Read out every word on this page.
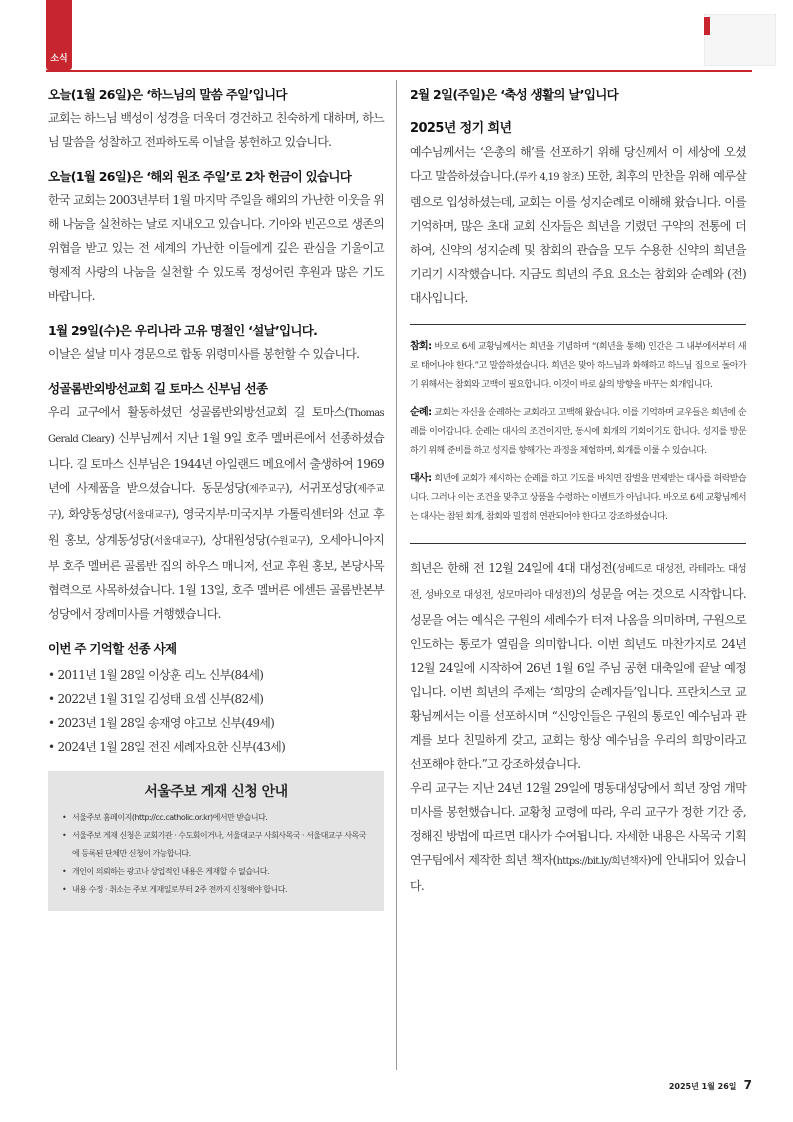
소식
오늘(1월 26일)은 ‘하느님의 말씀 주일’입니다

교회는 하느님 백성이 성경을 더욱더 경건하고 친숙하게 대하며, 하느님 말씀을 성찰하고 전파하도록 이날을 봉헌하고 있습니다.

오늘(1월 26일)은 ‘해외 원조 주일’로 2차 헌금이 있습니다

한국 교회는 2003년부터 1월 마지막 주일을 해외의 가난한 이웃을 위해 나눔을 실천하는 날로 지내오고 있습니다. 기아와 빈곤으로 생존의 위협을 받고 있는 전 세계의 가난한 이들에게 깊은 관심을 기울이고 형제적 사랑의 나눔을 실천할 수 있도록 정성어린 후원과 많은 기도 바랍니다.

1월 29일(수)은 우리나라 고유 명절인 ‘설날’입니다.

이날은 설날 미사 경문으로 합동 위령미사를 봉헌할 수 있습니다.

성골롬반외방선교회 길 토마스 신부님 선종

우리 교구에서 활동하셨던 성골롬반외방선교회 길 토마스(Thomas Gerald Cleary) 신부님께서 지난 1월 9일 호주 멜버른에서 선종하셨습니다. 길 토마스 신부님은 1944년 아일랜드 메요에서 출생하여 1969년에 사제품을 받으셨습니다. 동문성당(제주교구), 서귀포성당(제주교구), 화양동성당(서울대교구), 영국지부·미국지부 가톨릭센터와 선교 후원 홍보, 상계동성당(서울대교구), 상대원성당(수원교구), 오세아니아지부 호주 멜버른 골롬반 집의 하우스 매니저, 선교 후원 홍보, 본당사목 협력으로 사목하셨습니다. 1월 13일, 호주 멜버른 에센든 골롬반본부 성당에서 장례미사를 거행했습니다.

이번 주 기억할 선종 사제
• 2011년 1월 28일 이상훈 리노 신부(84세)
• 2022년 1월 31일 김성태 요셉 신부(82세)
• 2023년 1월 28일 송재영 야고보 신부(49세)
• 2024년 1월 28일 전진 세례자요한 신부(43세)
서울주보 게재 신청 안내
• 서울주보 홈페이지(http://cc.catholic.or.kr)에서만 받습니다.
• 서울주보 게재 신청은 교회기관 · 수도회이거나, 서울대교구 사회사목국 · 서울대교구 사목국에 등록된 단체만 신청이 가능합니다.
• 개인이 의뢰하는 광고나 상업적인 내용은 게재할 수 없습니다.
• 내용 수정 · 취소는 주보 게재일로부터 2주 전까지 신청해야 합니다.
2월 2일(주일)은 ‘축성 생활의 날’입니다
2025년 정기 희년

예수님께서는 ‘은총의 해’를 선포하기 위해 당신께서 이 세상에 오셨다고 말씀하셨습니다.(루카 4,19 참조) 또한, 최후의 만찬을 위해 예루살렘으로 입성하셨는데, 교회는 이를 성지순례로 이해해 왔습니다. 이를 기억하며, 많은 초대 교회 신자들은 희년을 기렸던 구약의 전통에 더하여, 신약의 성지순례 및 참회의 관습을 모두 수용한 신약의 희년을 기리기 시작했습니다. 지금도 희년의 주요 요소는 참회와 순례와 (전)대사입니다.

참회: 바오로 6세 교황님께서는 희년을 기념하며 “(희년을 통해) 인간은 그 내부에서부터 새로 태어나야 한다.”고 말씀하셨습니다. 희년은 맞아 하느님과 화해하고 하느님 집으로 돌아가기 위해서는 참회와 고백이 필요합니다. 이것이 바로 삶의 방향을 바꾸는 회개입니다.

순례: 교회는 자신을 순례하는 교회라고 고백해 왔습니다. 이를 기억하며 교우들은 희년에 순례를 이어갑니다. 순례는 대사의 조건이지만, 동시에 회개의 기회이기도 합니다. 성지를 방문하기 위해 준비를 하고 성지를 향해가는 과정을 체험하며, 회개를 이룰 수 있습니다.

대사: 희년에 교회가 제시하는 순례를 하고 기도를 바치면 잠벌을 면제받는 대사를 허락받습니다. 그러나 이는 조건을 맞추고 상품을 수령하는 이벤트가 아닙니다. 바오로 6세 교황님께서는 대사는 참된 회개, 참회와 밀접히 연관되어야 한다고 강조하셨습니다.

희년은 한해 전 12월 24일에 4대 대성전(성베드로 대성전, 라테라노 대성전, 성바오로 대성전, 성모마리아 대성전)의 성문을 여는 것으로 시작합니다. 성문을 여는 예식은 구원의 세례수가 터져 나옴을 의미하며, 구원으로 인도하는 통로가 열림을 의미합니다. 이번 희년도 마찬가지로 24년 12월 24일에 시작하여 26년 1월 6일 주님 공현 대축일에 끝날 예정입니다. 이번 희년의 주제는 ‘희망의 순례자들’입니다. 프란치스코 교황님께서는 이를 선포하시며 “신앙인들은 구원의 통로인 예수님과 관계를 보다 친밀하게 갖고, 교회는 항상 예수님을 우리의 희망이라고 선포해야 한다.”고 강조하셨습니다.

우리 교구는 지난 24년 12월 29일에 명동대성당에서 희년 장엄 개막 미사를 봉헌했습니다. 교황청 교령에 따라, 우리 교구가 정한 기간 중, 정해진 방법에 따르면 대사가 수여됩니다. 자세한 내용은 사목국 기획연구팀에서 제작한 희년 책자(https://bit.ly/희년책자)에 안내되어 있습니다.

2025년 1월 26일 7
